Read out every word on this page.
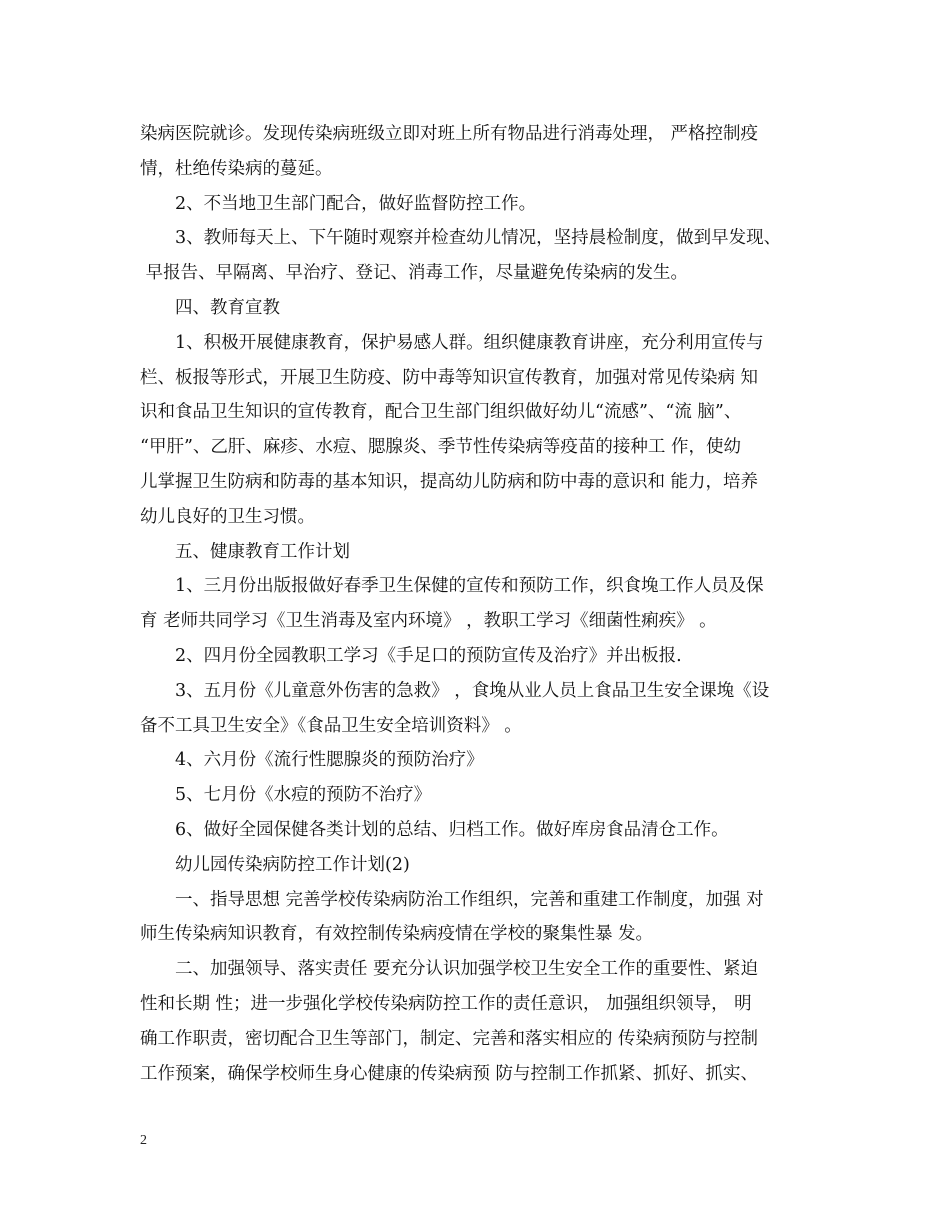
染病医院就诊。发现传染病班级立即对班上所有物品进行消毒处理， 严格控制疫
情，杜绝传染病的蔓延。
2、不当地卫生部门配合，做好监督防控工作。
3、教师每天上、下午随时观察并检查幼儿情况，坚持晨检制度，做到早发现、
早报告、早隔离、早治疗、登记、消毒工作，尽量避免传染病的发生。
四、教育宣教
1、积极开展健康教育，保护易感人群。组织健康教育讲座，充分利用宣传与
栏、板报等形式，开展卫生防疫、防中毒等知识宣传教育，加强对常见传染病 知
识和食品卫生知识的宣传教育，配合卫生部门组织做好幼儿“流感”、“流 脑”、
“甲肝”、乙肝、麻疹、水痘、腮腺炎、季节性传染病等疫苗的接种工 作，使幼
儿掌握卫生防病和防毒的基本知识，提高幼儿防病和防中毒的意识和 能力，培养
幼儿良好的卫生习惯。
五、健康教育工作计划
1、三月份出版报做好春季卫生保健的宣传和预防工作，织食堍工作人员及保
育 老师共同学习《卫生消毒及室内环境》 ，教职工学习《细菌性痢疾》 。
2、四月份全园教职工学习《手足口的预防宣传及治疗》并出板报.
3、五月份《儿童意外伤害的急救》 ，食堍从业人员上食品卫生安全课堍《设
备不工具卫生安全》《食品卫生安全培训资料》 。
4、六月份《流行性腮腺炎的预防治疗》
5、七月份《水痘的预防不治疗》
6、做好全园保健各类计划的总结、归档工作。做好库房食品清仓工作。
幼儿园传染病防控工作计划(2)
一、指导思想 完善学校传染病防治工作组织，完善和重建工作制度，加强 对
师生传染病知识教育，有效控制传染病疫情在学校的聚集性暴 发。
二、加强领导、落实责任 要充分认识加强学校卫生安全工作的重要性、紧迫
性和长期 性；进一步强化学校传染病防控工作的责任意识， 加强组织领导， 明
确工作职责，密切配合卫生等部门，制定、完善和落实相应的 传染病预防与控制
工作预案，确保学校师生身心健康的传染病预 防与控制工作抓紧、抓好、抓实、
2
